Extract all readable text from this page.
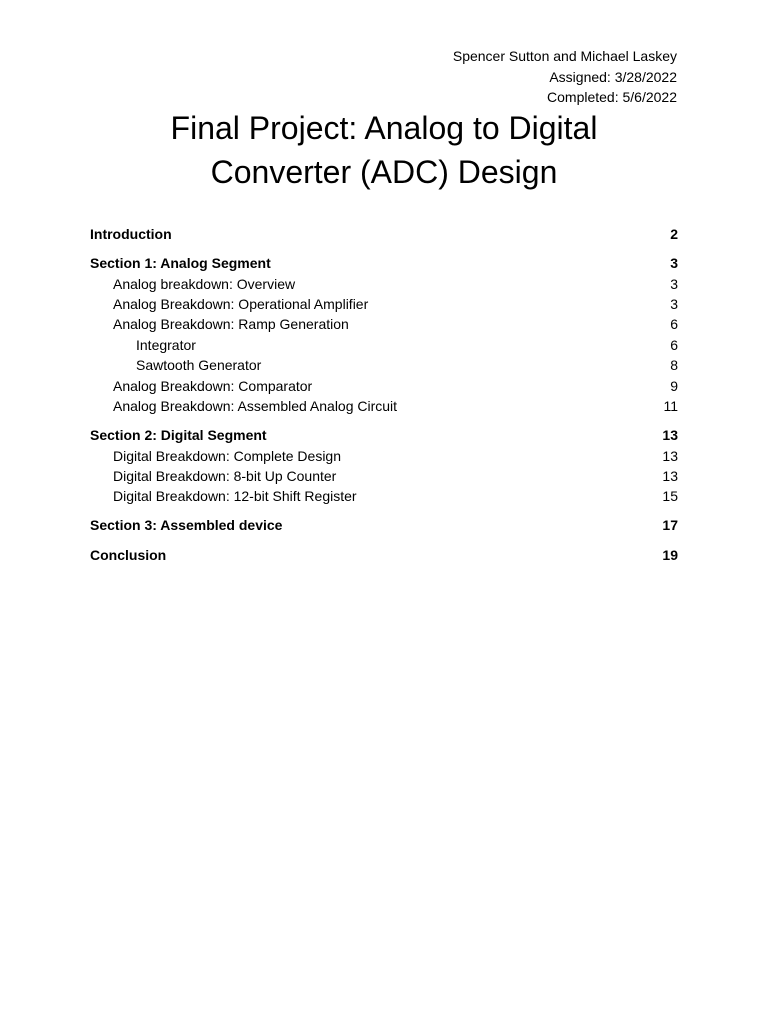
Spencer Sutton and Michael Laskey
Assigned: 3/28/2022
Completed: 5/6/2022
Final Project: Analog to Digital
Converter (ADC) Design
Introduction	2
Section 1: Analog Segment	3
Analog breakdown: Overview	3
Analog Breakdown: Operational Amplifier	3
Analog Breakdown: Ramp Generation	6
Integrator	6
Sawtooth Generator	8
Analog Breakdown: Comparator	9
Analog Breakdown: Assembled Analog Circuit	11
Section 2: Digital Segment	13
Digital Breakdown: Complete Design	13
Digital Breakdown: 8-bit Up Counter	13
Digital Breakdown: 12-bit Shift Register	15
Section 3: Assembled device	17
Conclusion	19
